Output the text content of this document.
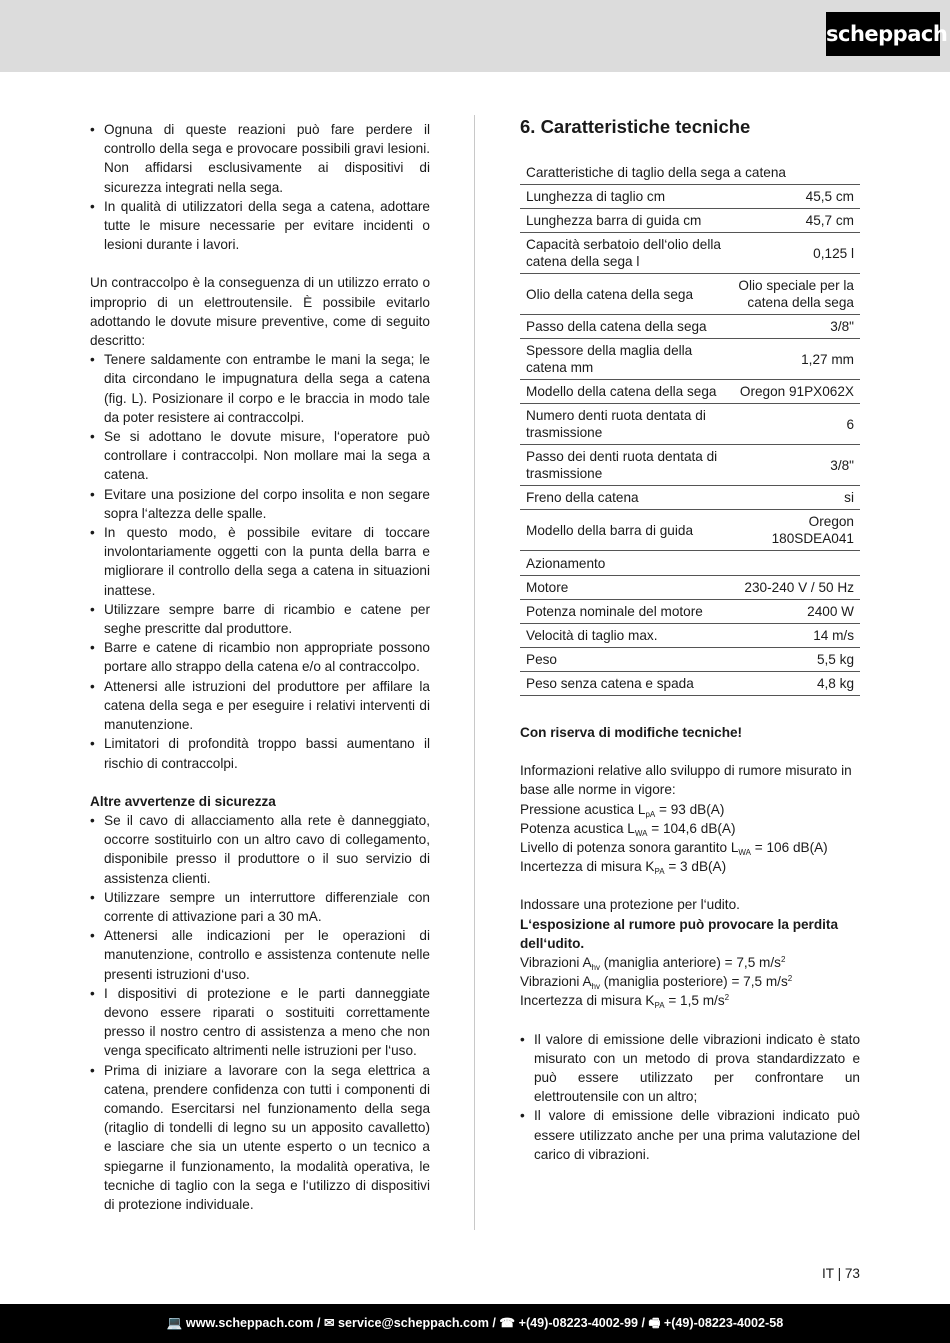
scheppach
• Ognuna di queste reazioni può fare perdere il controllo della sega e provocare possibili gravi lesioni. Non affidarsi esclusivamente ai dispositivi di sicurezza integrati nella sega.
• In qualità di utilizzatori della sega a catena, adottare tutte le misure necessarie per evitare incidenti o lesioni durante i lavori.

Un contraccolpo è la conseguenza di un utilizzo errato o improprio di un elettroutensile. È possibile evitarlo adottando le dovute misure preventive, come di seguito descritto:

• Tenere saldamente con entrambe le mani la sega; le dita circondano le impugnatura della sega a catena (fig. L). Posizionare il corpo e le braccia in modo tale da poter resistere ai contraccolpi.
• Se si adottano le dovute misure, l‘operatore può controllare i contraccolpi. Non mollare mai la sega a catena.
• Evitare una posizione del corpo insolita e non segare sopra l‘altezza delle spalle.
• In questo modo, è possibile evitare di toccare involontariamente oggetti con la punta della barra e migliorare il controllo della sega a catena in situazioni inattese.
• Utilizzare sempre barre di ricambio e catene per seghe prescritte dal produttore.
• Barre e catene di ricambio non appropriate possono portare allo strappo della catena e/o al contraccolpo.
• Attenersi alle istruzioni del produttore per affilare la catena della sega e per eseguire i relativi interventi di manutenzione.
• Limitatori di profondità troppo bassi aumentano il rischio di contraccolpi.

Altre avvertenze di sicurezza

• Se il cavo di allacciamento alla rete è danneggiato, occorre sostituirlo con un altro cavo di collegamento, disponibile presso il produttore o il suo servizio di assistenza clienti.
• Utilizzare sempre un interruttore differenziale con corrente di attivazione pari a 30 mA.
• Attenersi alle indicazioni per le operazioni di manutenzione, controllo e assistenza contenute nelle presenti istruzioni d‘uso.
• I dispositivi di protezione e le parti danneggiate devono essere riparati o sostituiti correttamente presso il nostro centro di assistenza a meno che non venga specificato altrimenti nelle istruzioni per l‘uso.
• Prima di iniziare a lavorare con la sega elettrica a catena, prendere confidenza con tutti i componenti di comando. Esercitarsi nel funzionamento della sega (ritaglio di tondelli di legno su un apposito cavalletto) e lasciare che sia un utente esperto o un tecnico a spiegarne il funzionamento, la modalità operativa, le tecniche di taglio con la sega e l‘utilizzo di dispositivi di protezione individuale.
6. Caratteristiche tecniche
Caratteristiche di taglio della sega a catena	
Lunghezza di taglio cm	45,5 cm
Lunghezza barra di guida cm	45,7 cm
Capacità serbatoio dell‘olio della catena della sega l	0,125 l
Olio della catena della sega	Olio speciale per la catena della sega
Passo della catena della sega	3/8"
Spessore della maglia della catena mm	1,27 mm
Modello della catena della sega	Oregon 91PX062X
Numero denti ruota dentata di trasmissione	6
Passo dei denti ruota dentata di trasmissione	3/8"
Freno della catena	si
Modello della barra di guida	Oregon 180SDEA041
Azionamento	
Motore	230-240 V / 50 Hz
Potenza nominale del motore	2400 W
Velocità di taglio max.	14 m/s
Peso	5,5 kg
Peso senza catena e spada	4,8 kg

Con riserva di modifiche tecniche!

Informazioni relative allo sviluppo di rumore misurato in base alle norme in vigore:

Pressione acustica $L_{pA} = 93$ dB(A)

Potenza acustica $L_{WA} = 104,6$ dB(A)

Livello di potenza sonora garantito $L_{WA} = 106$ dB(A)

Incertezza di misura $K_{PA} = 3$ dB(A)

Indossare una protezione per l‘udito.

L‘esposizione al rumore può provocare la perdita dell‘udito.

Vibrazioni $A_{hv}$ (maniglia anteriore) = 7,5 $m/s^2$

Vibrazioni $A_{hv}$ (maniglia posteriore) = 7,5 $m/s^2$

Incertezza di misura $K_{PA} = 1,5$ $m/s^2$

• Il valore di emissione delle vibrazioni indicato è stato misurato con un metodo di prova standardizzato e può essere utilizzato per confrontare un elettroutensile con un altro;
• Il valore di emissione delle vibrazioni indicato può essere utilizzato anche per una prima valutazione del carico di vibrazioni.
IT | 73
💻 www.scheppach.com / ✉ service@scheppach.com / ☎ +(49)-08223-4002-99 / 🖷 +(49)-08223-4002-58
